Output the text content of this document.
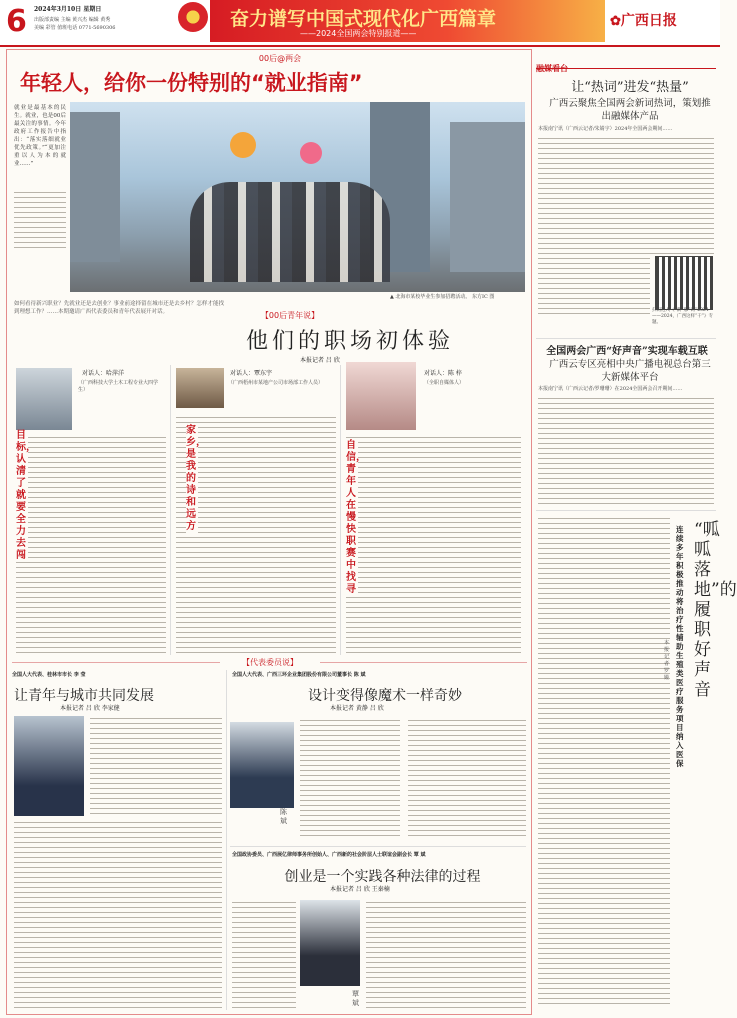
6 2024年3月10日 星期日
出版部责编 主编 黄兴杰 编辑 黄秀
美编 彩管 值班电话 0771-5690306	奋力谱写中国式现代化广西篇章
——2024全国两会特别报道——
✿广西日报
00后@两会
年轻人，给你一份特别的“就业指南”
就业是最基本的民生。就业，也是00后最关注的事情。今年政府工作报告中指出：“落实落细就业优先政策。”“更加注重以人为本的就业……”
▲ 北海市某校毕业生参加招聘活动。 东方IC 图
如何看待新兴职业？先就业还是去创业？事业前途择留在城市还是去乡村？怎样才能找到理想工作？……本期邀请广西代表委员和青年代表展开对话。	【00后青年说】
他们的职场初体验
本报记者 吕 欣
对话人：哈萍洋
（广西科技大学土木工程专业大四学生）
目标，认清了就要全力去闯
对话人：覃东宇
（广西梧州市某地产公司市场部工作人员）
家乡，是我的诗和远方
对话人：陈 梓
（全职自媒体人）
自信，青年人在慢快职赛中找寻
【代表委员说】
全国人大代表、桂林市市长 李 莹
让青年与城市共同发展
本报记者 吕 欣 李家健
全国人大代表、广西三环企业集团股份有限公司董事长 陈 斌
设计变得像魔术一样奇妙
本报记者 黄静 吕 欣
陈 斌
全国政协委员、广西展亿律师事务所创始人、广西新的社会阶层人士联谊会副会长 覃 斌
创业是一个实践各种法律的过程
本报记者 吕 欣 王秦楠
覃 斌
融媒看台
让“热词”进发“热量”
广西云聚焦全国两会新词热词，策划推出融媒体产品
本报南宁讯（广西云记者/朱婧宇）2024年全国两会期间……
扫码进入《“新”那“词”2024——2024，广西这样“干”》专题。
全国两会广西“好声音”实现车载互联
广西云专区亮相中央广播电视总台第三大新媒体平台
本报南宁讯（广西云记者/罗珊珊）在2024全国两会召开期间……
“呱呱落地”的履职好声音
连续多年积极推动将治疗性辅助生殖类医疗服务项目纳入医保
本报记者 罗 嫚
